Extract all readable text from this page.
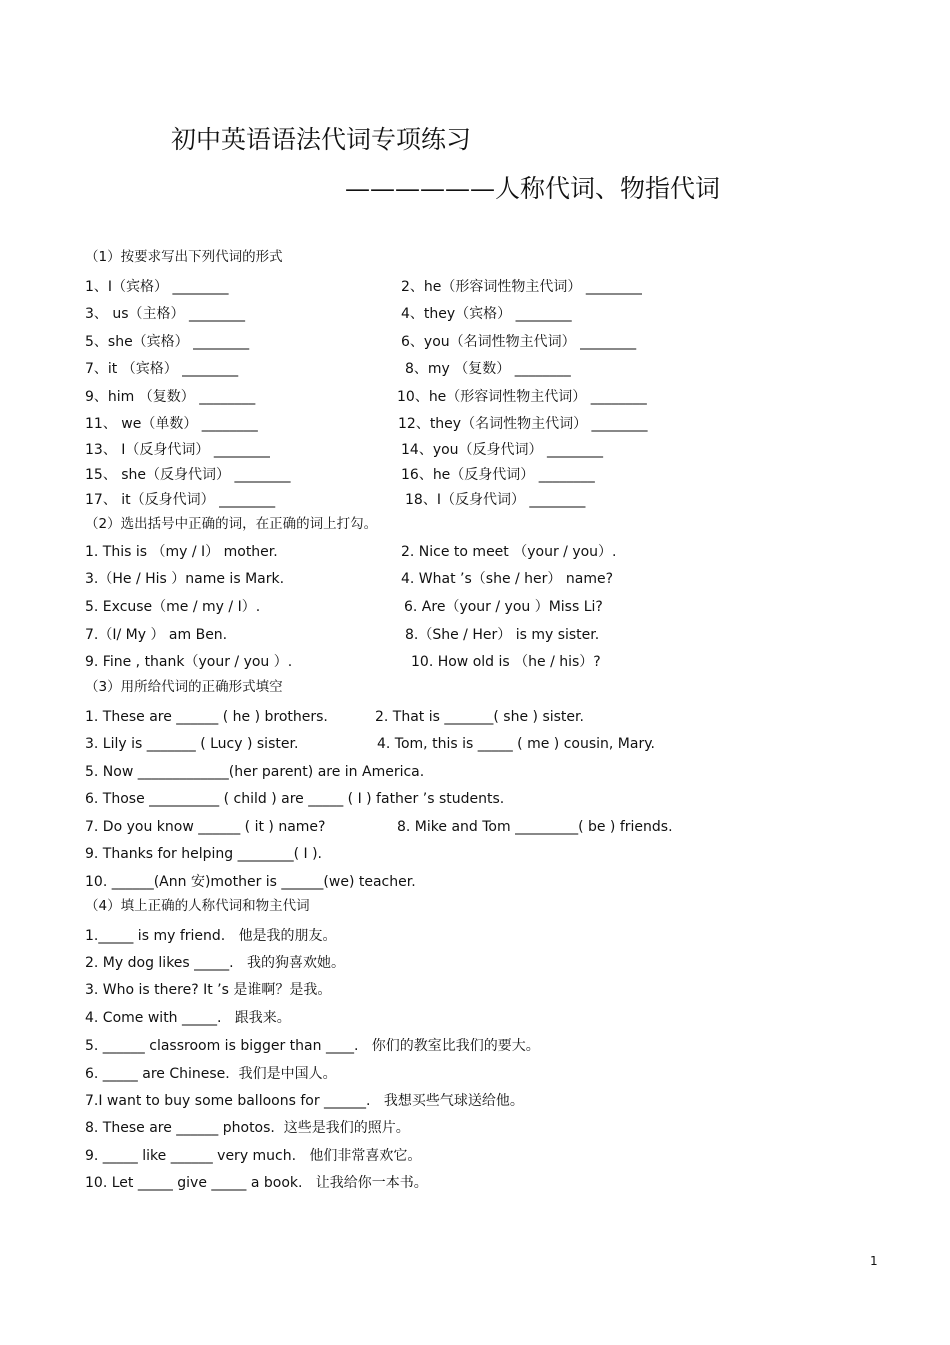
初中英语语法代词专项练习
——————人称代词、物指代词
（1）按要求写出下列代词的形式
1、I（宾格） ________	2、he（形容词性物主代词） ________
3、 us（主格） ________	4、they（宾格） ________
5、she（宾格） ________	6、you（名词性物主代词） ________
7、it （宾格） ________	8、my （复数） ________
9、him （复数） ________	10、he（形容词性物主代词） ________
11、 we（单数） ________	12、they（名词性物主代词） ________
13、 I（反身代词） ________	14、you（反身代词） ________
15、 she（反身代词） ________	16、he（反身代词） ________
17、 it（反身代词） ________	18、I（反身代词） ________
（2）选出括号中正确的词，在正确的词上打勾。
1. This is （my / I） mother.	2. Nice to meet （your / you）.
3.（He / His ）name is Mark.	4. What ’s（she / her） name?
5. Excuse（me / my / I）.	6. Are（your / you ）Miss Li?
7.（I/ My ） am Ben.	8.（She / Her） is my sister.
9. Fine , thank（your / you ）.	10. How old is （he / his）?
（3）用所给代词的正确形式填空
1. These are ______ ( he ) brothers.	2. That is _______( she ) sister.
3. Lily is _______ ( Lucy ) sister.	4. Tom, this is _____ ( me ) cousin, Mary.
5. Now _____________(her parent) are in America.
6. Those __________ ( child ) are _____ ( I ) father ’s students.
7. Do you know ______ ( it ) name?	8. Mike and Tom _________( be ) friends.
9. Thanks for helping ________( I ).
10. ______(Ann 安)mother is ______(we) teacher.
（4）填上正确的人称代词和物主代词
1._____ is my friend.   他是我的朋友。
2. My dog likes _____.   我的狗喜欢她。
3. Who is there? It ’s 是谁啊？是我。
4. Come with _____.   跟我来。
5. ______ classroom is bigger than ____.   你们的教室比我们的要大。
6. _____ are Chinese.  我们是中国人。
7.I want to buy some balloons for ______.   我想买些气球送给他。
8. These are ______ photos.  这些是我们的照片。
9. _____ like ______ very much.   他们非常喜欢它。
10. Let _____ give _____ a book.   让我给你一本书。
1
